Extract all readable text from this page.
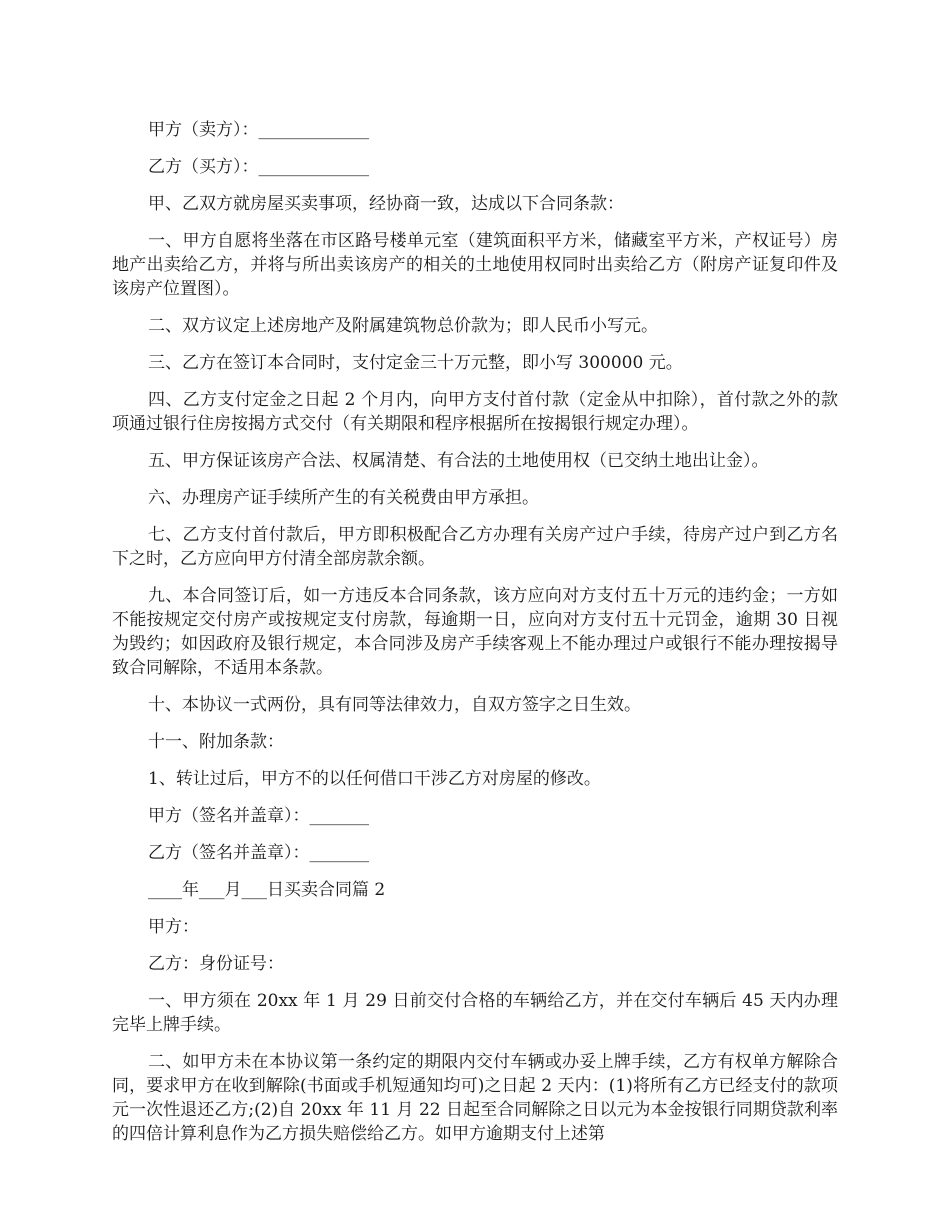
甲方（卖方）：_____________

乙方（买方）：_____________

甲、乙双方就房屋买卖事项，经协商一致，达成以下合同条款：

一、甲方自愿将坐落在市区路号楼单元室（建筑面积平方米，储藏室平方米，产权证号）房地产出卖给乙方，并将与所出卖该房产的相关的土地使用权同时出卖给乙方（附房产证复印件及该房产位置图）。

二、双方议定上述房地产及附属建筑物总价款为；即人民币小写元。

三、乙方在签订本合同时，支付定金三十万元整，即小写 300000 元。

四、乙方支付定金之日起 2 个月内，向甲方支付首付款（定金从中扣除），首付款之外的款项通过银行住房按揭方式交付（有关期限和程序根据所在按揭银行规定办理）。

五、甲方保证该房产合法、权属清楚、有合法的土地使用权（已交纳土地出让金）。

六、办理房产证手续所产生的有关税费由甲方承担。

七、乙方支付首付款后，甲方即积极配合乙方办理有关房产过户手续，待房产过户到乙方名下之时，乙方应向甲方付清全部房款余额。

九、本合同签订后，如一方违反本合同条款，该方应向对方支付五十万元的违约金；一方如不能按规定交付房产或按规定支付房款，每逾期一日，应向对方支付五十元罚金，逾期 30 日视为毁约；如因政府及银行规定，本合同涉及房产手续客观上不能办理过户或银行不能办理按揭导致合同解除，不适用本条款。

十、本协议一式两份，具有同等法律效力，自双方签字之日生效。

十一、附加条款：

1、转让过后，甲方不的以任何借口干涉乙方对房屋的修改。

甲方（签名并盖章）：_______

乙方（签名并盖章）：_______

____年___月___日买卖合同篇 2

甲方：

乙方：身份证号：

一、甲方须在 20xx 年 1 月 29 日前交付合格的车辆给乙方，并在交付车辆后 45 天内办理完毕上牌手续。

二、如甲方未在本协议第一条约定的期限内交付车辆或办妥上牌手续，乙方有权单方解除合同，要求甲方在收到解除(书面或手机短通知均可)之日起 2 天内：(1)将所有乙方已经支付的款项元一次性退还乙方;(2)自 20xx 年 11 月 22 日起至合同解除之日以元为本金按银行同期贷款利率的四倍计算利息作为乙方损失赔偿给乙方。如甲方逾期支付上述第
